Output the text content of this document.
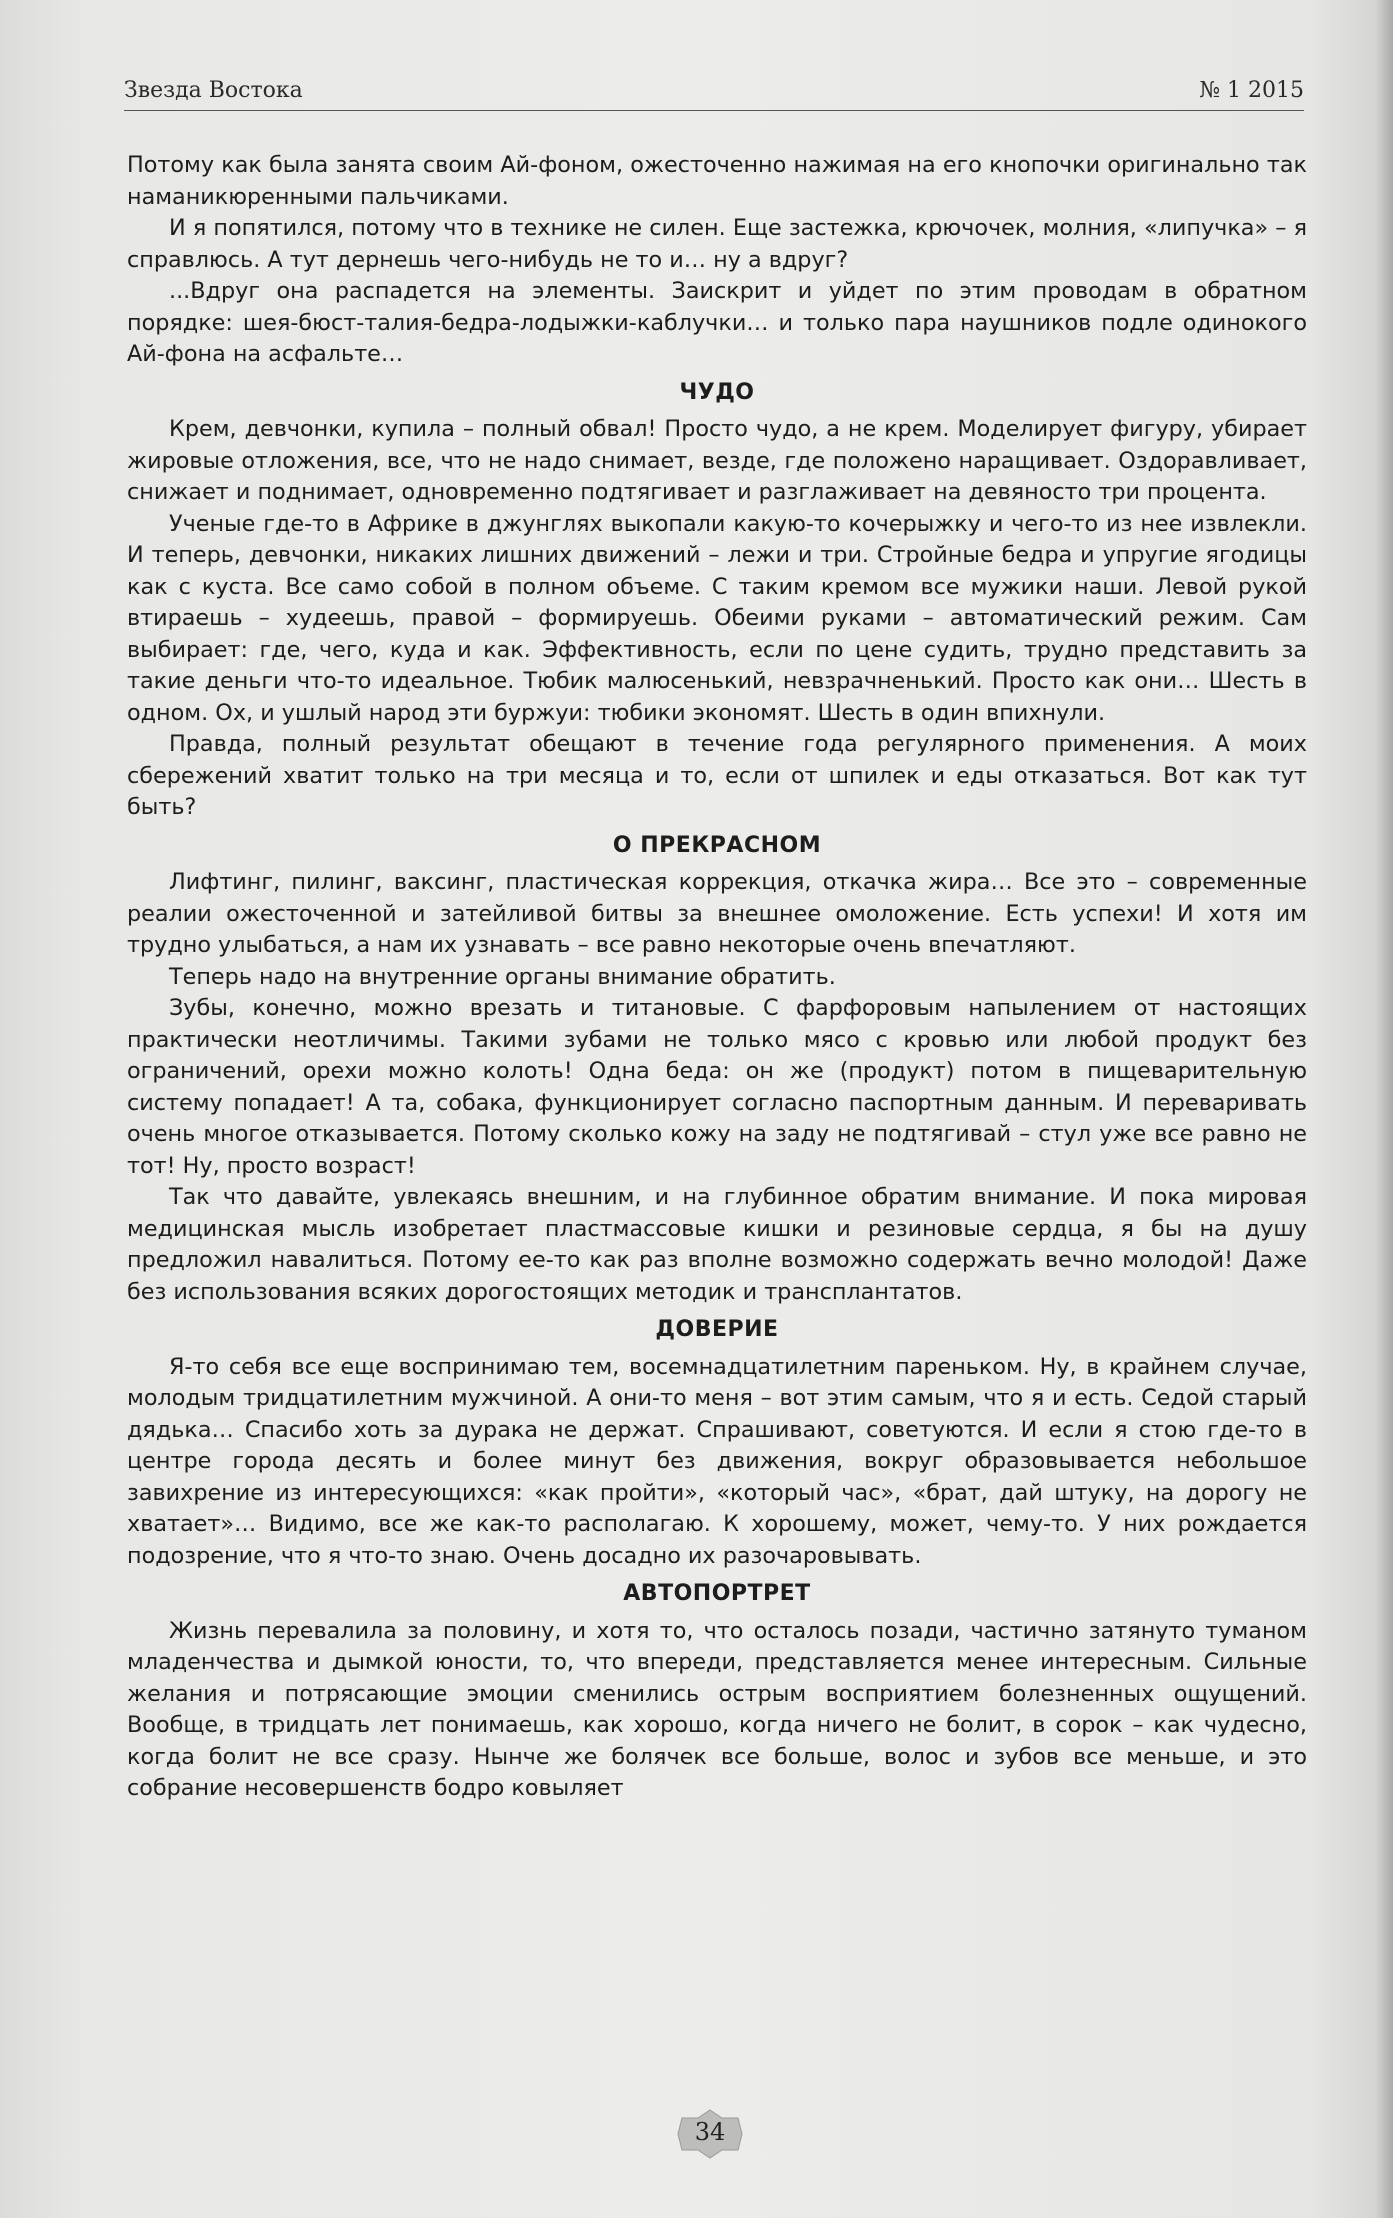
Звезда Востока	№ 1 2015

Потому как была занята своим Ай-фоном, ожесточенно нажимая на его кнопочки оригинально так наманикюренными пальчиками.

И я попятился, потому что в технике не силен. Еще застежка, крючочек, молния, «липучка» – я справлюсь. А тут дернешь чего-нибудь не то и… ну а вдруг?

...Вдруг она распадется на элементы. Заискрит и уйдет по этим проводам в обратном порядке: шея-бюст-талия-бедра-лодыжки-каблучки… и только пара наушников подле одинокого Ай-фона на асфальте…

ЧУДО

Крем, девчонки, купила – полный обвал! Просто чудо, а не крем. Моделирует фигуру, убирает жировые отложения, все, что не надо снимает, везде, где положено наращивает. Оздоравливает, снижает и поднимает, одновременно подтягивает и разглаживает на девяносто три процента.

Ученые где-то в Африке в джунглях выкопали какую-то кочерыжку и чего-то из нее извлекли. И теперь, девчонки, никаких лишних движений – лежи и три. Стройные бедра и упругие ягодицы как с куста. Все само собой в полном объеме. С таким кремом все мужики наши. Левой рукой втираешь – худеешь, правой – формируешь. Обеими руками – автоматический режим. Сам выбирает: где, чего, куда и как. Эффективность, если по цене судить, трудно представить за такие деньги что-то идеальное. Тюбик малюсенький, невзрачненький. Просто как они… Шесть в одном. Ох, и ушлый народ эти буржуи: тюбики экономят. Шесть в один впихнули.

Правда, полный результат обещают в течение года регулярного применения. А моих сбережений хватит только на три месяца и то, если от шпилек и еды отказаться. Вот как тут быть?

О ПРЕКРАСНОМ

Лифтинг, пилинг, ваксинг, пластическая коррекция, откачка жира… Все это – современные реалии ожесточенной и затейливой битвы за внешнее омоложение. Есть успехи! И хотя им трудно улыбаться, а нам их узнавать – все равно некоторые очень впечатляют.

Теперь надо на внутренние органы внимание обратить.

Зубы, конечно, можно врезать и титановые. С фарфоровым напылением от настоящих практически неотличимы. Такими зубами не только мясо с кровью или любой продукт без ограничений, орехи можно колоть! Одна беда: он же (продукт) потом в пищеварительную систему попадает! А та, собака, функционирует согласно паспортным данным. И переваривать очень многое отказывается. Потому сколько кожу на заду не подтягивай – стул уже все равно не тот! Ну, просто возраст!

Так что давайте, увлекаясь внешним, и на глубинное обратим внимание. И пока мировая медицинская мысль изобретает пластмассовые кишки и резиновые сердца, я бы на душу предложил навалиться. Потому ее-то как раз вполне возможно содержать вечно молодой! Даже без использования всяких дорогостоящих методик и трансплантатов.

ДОВЕРИЕ

Я-то себя все еще воспринимаю тем, восемнадцатилетним пареньком. Ну, в крайнем случае, молодым тридцатилетним мужчиной. А они-то меня – вот этим самым, что я и есть. Седой старый дядька… Спасибо хоть за дурака не держат. Спрашивают, советуются. И если я стою где-то в центре города десять и более минут без движения, вокруг образовывается небольшое завихрение из интересующихся: «как пройти», «который час», «брат, дай штуку, на дорогу не хватает»… Видимо, все же как-то располагаю. К хорошему, может, чему-то. У них рождается подозрение, что я что-то знаю. Очень досадно их разочаровывать.

АВТОПОРТРЕТ

Жизнь перевалила за половину, и хотя то, что осталось позади, частично затянуто туманом младенчества и дымкой юности, то, что впереди, представляется менее интересным. Сильные желания и потрясающие эмоции сменились острым восприятием болезненных ощущений. Вообще, в тридцать лет понимаешь, как хорошо, когда ничего не болит, в сорок – как чудесно, когда болит не все сразу. Нынче же болячек все больше, волос и зубов все меньше, и это собрание несовершенств бодро ковыляет

34
